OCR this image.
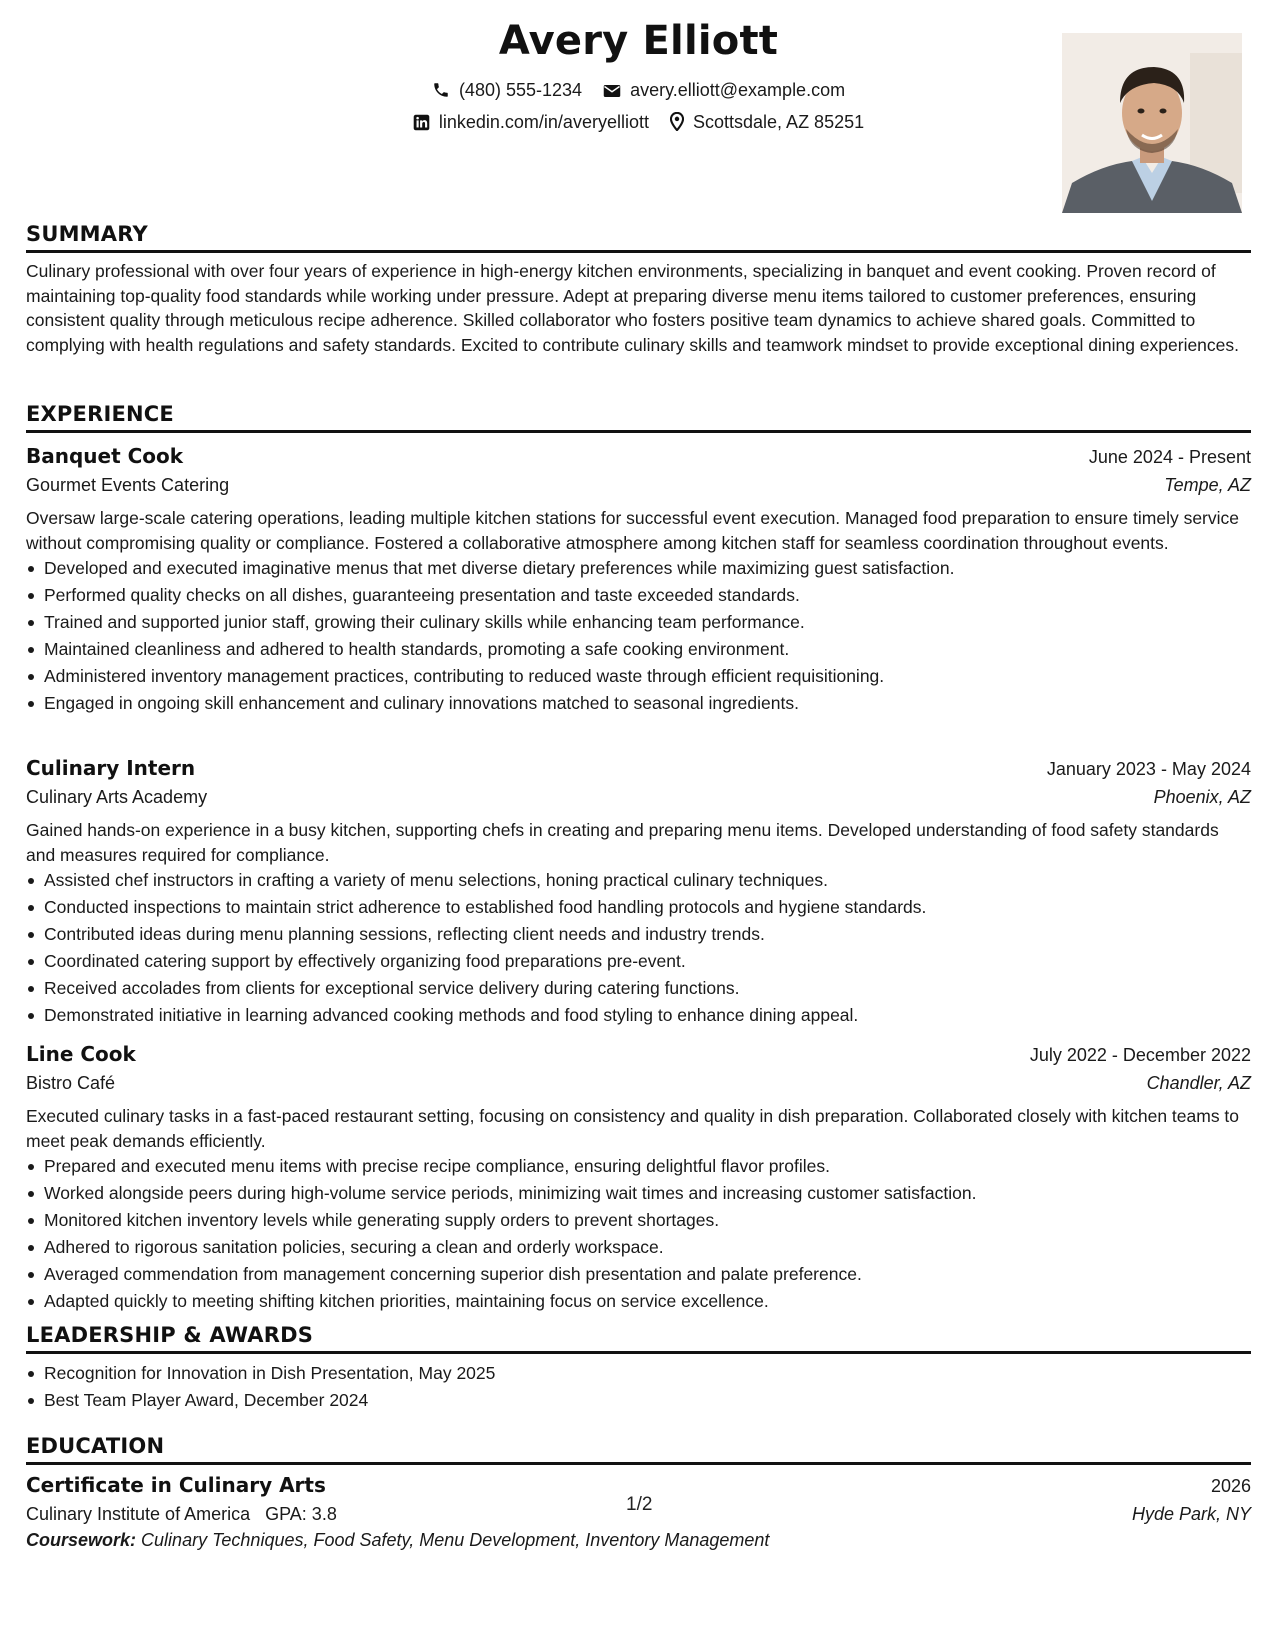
Avery Elliott
(480) 555-1234	avery.elliott@example.com
linkedin.com/in/averyelliott Scottsdale, AZ 85251
SUMMARY

Culinary professional with over four years of experience in high-energy kitchen environments, specializing in banquet and event cooking. Proven record of maintaining top-quality food standards while working under pressure. Adept at preparing diverse menu items tailored to customer preferences, ensuring consistent quality through meticulous recipe adherence. Skilled collaborator who fosters positive team dynamics to achieve shared goals. Committed to complying with health regulations and safety standards. Excited to contribute culinary skills and teamwork mindset to provide exceptional dining experiences.

EXPERIENCE
Banquet Cook	June 2024 - Present
Gourmet Events Catering	Tempe, AZ

Oversaw large-scale catering operations, leading multiple kitchen stations for successful event execution. Managed food preparation to ensure timely service without compromising quality or compliance. Fostered a collaborative atmosphere among kitchen staff for seamless coordination throughout events.

Developed and executed imaginative menus that met diverse dietary preferences while maximizing guest satisfaction.
Performed quality checks on all dishes, guaranteeing presentation and taste exceeded standards.
Trained and supported junior staff, growing their culinary skills while enhancing team performance.
Maintained cleanliness and adhered to health standards, promoting a safe cooking environment.
Administered inventory management practices, contributing to reduced waste through efficient requisitioning.
Engaged in ongoing skill enhancement and culinary innovations matched to seasonal ingredients.
Culinary Intern	January 2023 - May 2024
Culinary Arts Academy	Phoenix, AZ

Gained hands-on experience in a busy kitchen, supporting chefs in creating and preparing menu items. Developed understanding of food safety standards and measures required for compliance.

Assisted chef instructors in crafting a variety of menu selections, honing practical culinary techniques.
Conducted inspections to maintain strict adherence to established food handling protocols and hygiene standards.
Contributed ideas during menu planning sessions, reflecting client needs and industry trends.
Coordinated catering support by effectively organizing food preparations pre-event.
Received accolades from clients for exceptional service delivery during catering functions.
Demonstrated initiative in learning advanced cooking methods and food styling to enhance dining appeal.
Line Cook	July 2022 - December 2022
Bistro Café	Chandler, AZ

Executed culinary tasks in a fast-paced restaurant setting, focusing on consistency and quality in dish preparation. Collaborated closely with kitchen teams to meet peak demands efficiently.

Prepared and executed menu items with precise recipe compliance, ensuring delightful flavor profiles.
Worked alongside peers during high-volume service periods, minimizing wait times and increasing customer satisfaction.
Monitored kitchen inventory levels while generating supply orders to prevent shortages.
Adhered to rigorous sanitation policies, securing a clean and orderly workspace.
Averaged commendation from management concerning superior dish presentation and palate preference.
Adapted quickly to meeting shifting kitchen priorities, maintaining focus on service excellence.
LEADERSHIP & AWARDS
Recognition for Innovation in Dish Presentation, May 2025
Best Team Player Award, December 2024
EDUCATION
Certificate in Culinary Arts	2026
Culinary Institute of America GPA: 3.8	Hyde Park, NY
Coursework: Culinary Techniques, Food Safety, Menu Development, Inventory Management
1/2
